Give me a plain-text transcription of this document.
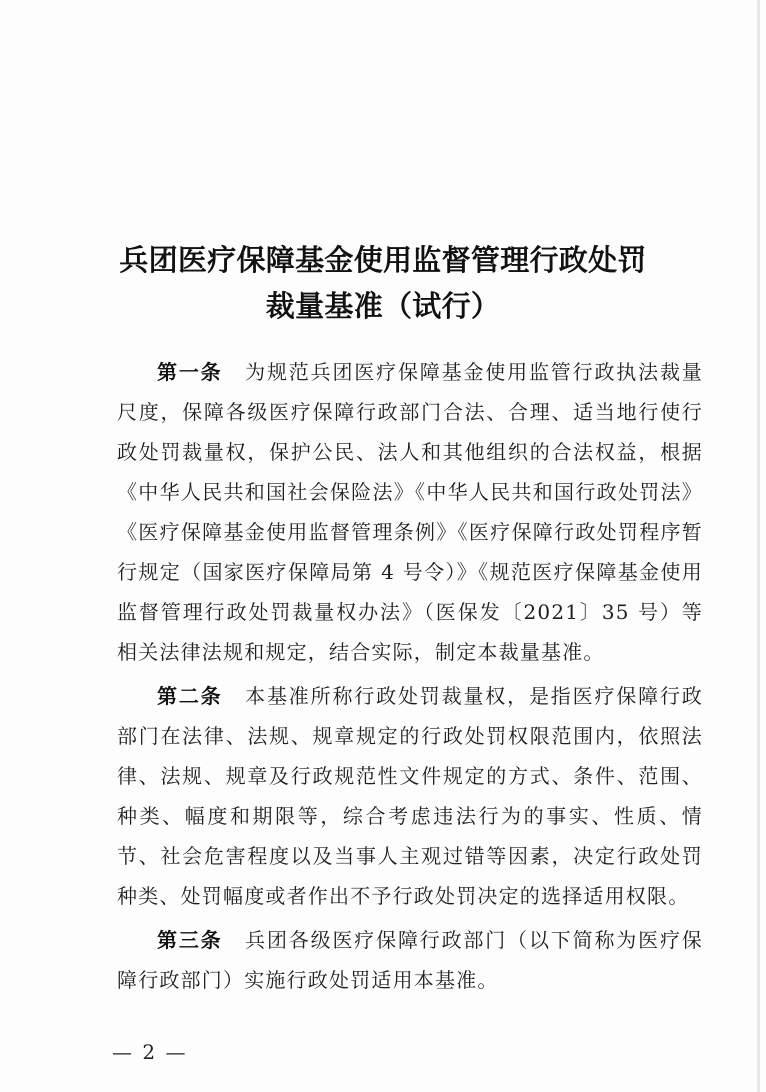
兵团医疗保障基金使用监督管理行政处罚
裁量基准（试行）

第一条 为规范兵团医疗保障基金使用监管行政执法裁量尺度，保障各级医疗保障行政部门合法、合理、适当地行使行政处罚裁量权，保护公民、法人和其他组织的合法权益，根据《中华人民共和国社会保险法》《中华人民共和国行政处罚法》《医疗保障基金使用监督管理条例》《医疗保障行政处罚程序暂行规定（国家医疗保障局第 4 号令）》《规范医疗保障基金使用监督管理行政处罚裁量权办法》（医保发〔2021〕35 号）等相关法律法规和规定，结合实际，制定本裁量基准。

第二条 本基准所称行政处罚裁量权，是指医疗保障行政部门在法律、法规、规章规定的行政处罚权限范围内，依照法律、法规、规章及行政规范性文件规定的方式、条件、范围、种类、幅度和期限等，综合考虑违法行为的事实、性质、情节、社会危害程度以及当事人主观过错等因素，决定行政处罚种类、处罚幅度或者作出不予行政处罚决定的选择适用权限。

第三条 兵团各级医疗保障行政部门（以下简称为医疗保障行政部门）实施行政处罚适用本基准。

— 2 —
